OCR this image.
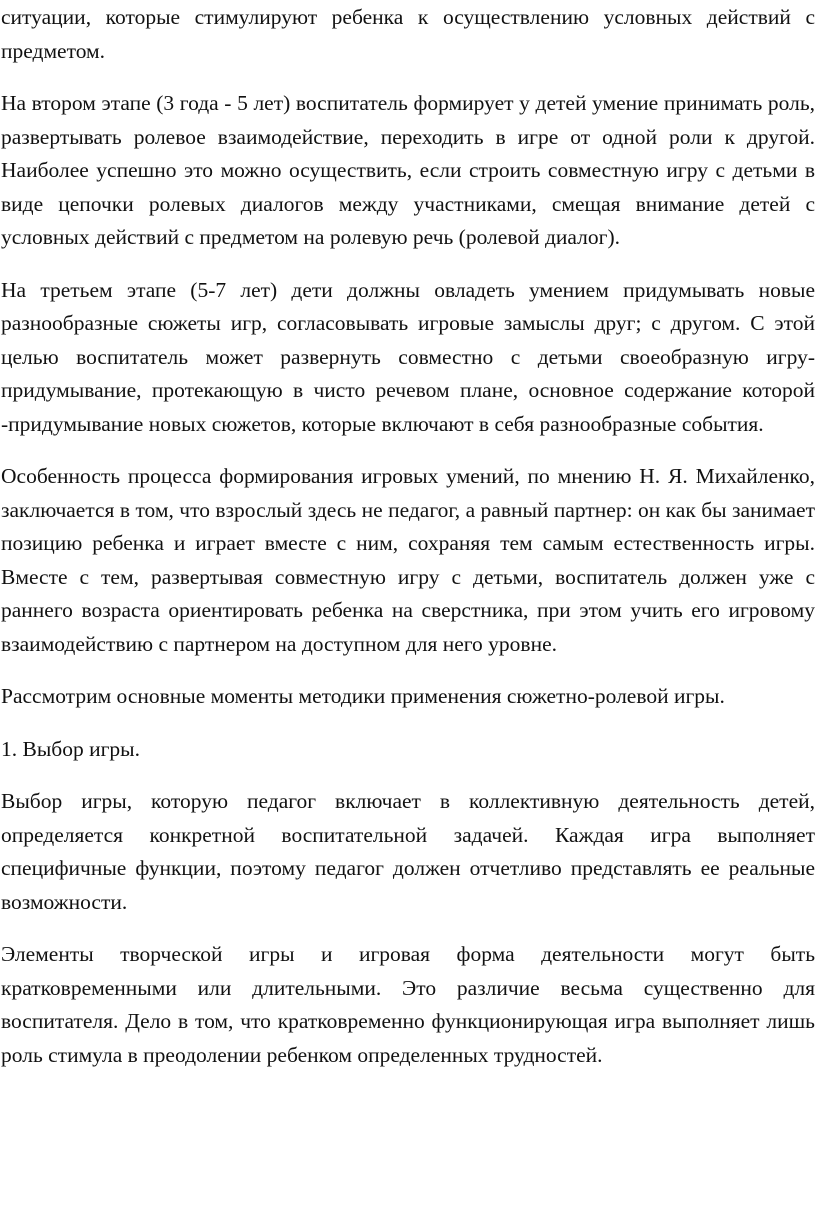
ситуации, которые стимулируют ребенка к осуществлению условных действий с предметом.

На втором этапе (3 года - 5 лет) воспитатель формирует у детей умение принимать роль, развертывать ролевое взаимодействие, переходить в игре от одной роли к другой. Наиболее успешно это можно осуществить, если строить совместную игру с детьми в виде цепочки ролевых диалогов между участниками, смещая внимание детей с условных действий с предметом на ролевую речь (ролевой диалог).

На третьем этапе (5-7 лет) дети должны овладеть умением придумывать новые разнообразные сюжеты игр, согласовывать игровые замыслы друг; с другом. С этой целью воспитатель может развернуть совместно с детьми своеобразную игру-придумывание, протекающую в чисто речевом плане, основное содержание которой -придумывание новых сюжетов, которые включают в себя разнообразные события.

Особенность процесса формирования игровых умений, по мнению Н. Я. Михайленко, заключается в том, что взрослый здесь не педагог, а равный партнер: он как бы занимает позицию ребенка и играет вместе с ним, сохраняя тем самым естественность игры. Вместе с тем, развертывая совместную игру с детьми, воспитатель должен уже с раннего возраста ориентировать ребенка на сверстника, при этом учить его игровому взаимодействию с партнером на доступном для него уровне.

Рассмотрим основные моменты методики применения сюжетно-ролевой игры.

1. Выбор игры.

Выбор игры, которую педагог включает в коллективную деятельность детей, определяется конкретной воспитательной задачей. Каждая игра выполняет специфичные функции, поэтому педагог должен отчетливо представлять ее реальные возможности.

Элементы творческой игры и игровая форма деятельности могут быть кратковременными или длительными. Это различие весьма существенно для воспитателя. Дело в том, что кратковременно функционирующая игра выполняет лишь роль стимула в преодолении ребенком определенных трудностей.
